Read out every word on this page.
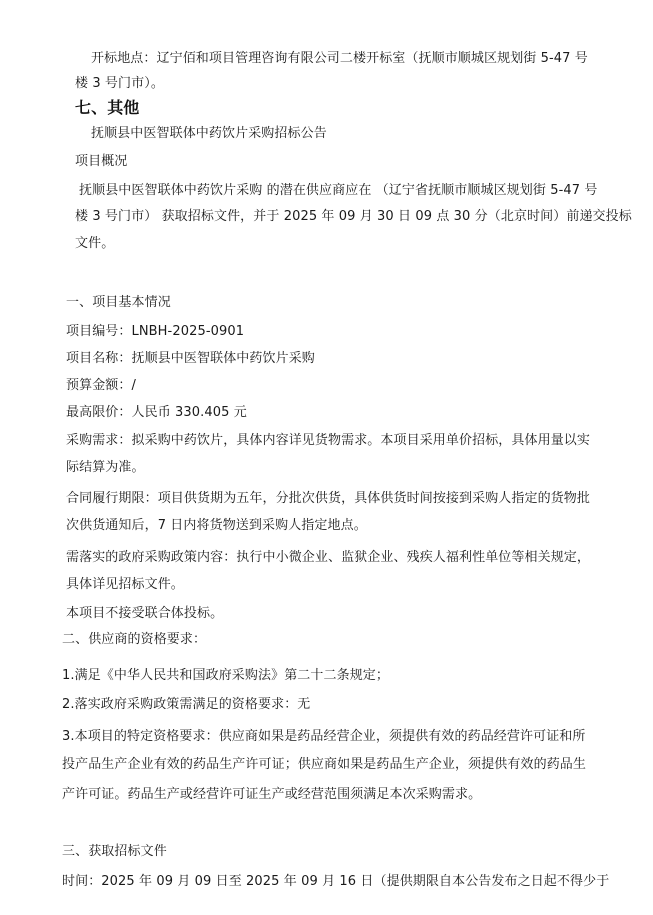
开标地点：辽宁佰和项目管理咨询有限公司二楼开标室（抚顺市顺城区规划街 5-47 号
楼 3 号门市）。
七、其他
抚顺县中医智联体中药饮片采购招标公告
项目概况
抚顺县中医智联体中药饮片采购 的潜在供应商应在 （辽宁省抚顺市顺城区规划街 5-47 号
楼 3 号门市） 获取招标文件，并于 2025 年 09 月 30 日 09 点 30 分（北京时间）前递交投标
文件。
一、项目基本情况
项目编号：LNBH-2025-0901
项目名称：抚顺县中医智联体中药饮片采购
预算金额：/
最高限价：人民币 330.405 元
采购需求：拟采购中药饮片，具体内容详见货物需求。本项目采用单价招标，具体用量以实
际结算为准。
合同履行期限：项目供货期为五年，分批次供货，具体供货时间按接到采购人指定的货物批
次供货通知后，7 日内将货物送到采购人指定地点。
需落实的政府采购政策内容：执行中小微企业、监狱企业、残疾人福利性单位等相关规定，
具体详见招标文件。
本项目不接受联合体投标。
二、供应商的资格要求：
1.满足《中华人民共和国政府采购法》第二十二条规定；
2.落实政府采购政策需满足的资格要求：无
3.本项目的特定资格要求：供应商如果是药品经营企业，须提供有效的药品经营许可证和所
投产品生产企业有效的药品生产许可证；供应商如果是药品生产企业，须提供有效的药品生
产许可证。药品生产或经营许可证生产或经营范围须满足本次采购需求。
三、获取招标文件
时间：2025 年 09 月 09 日至 2025 年 09 月 16 日（提供期限自本公告发布之日起不得少于
